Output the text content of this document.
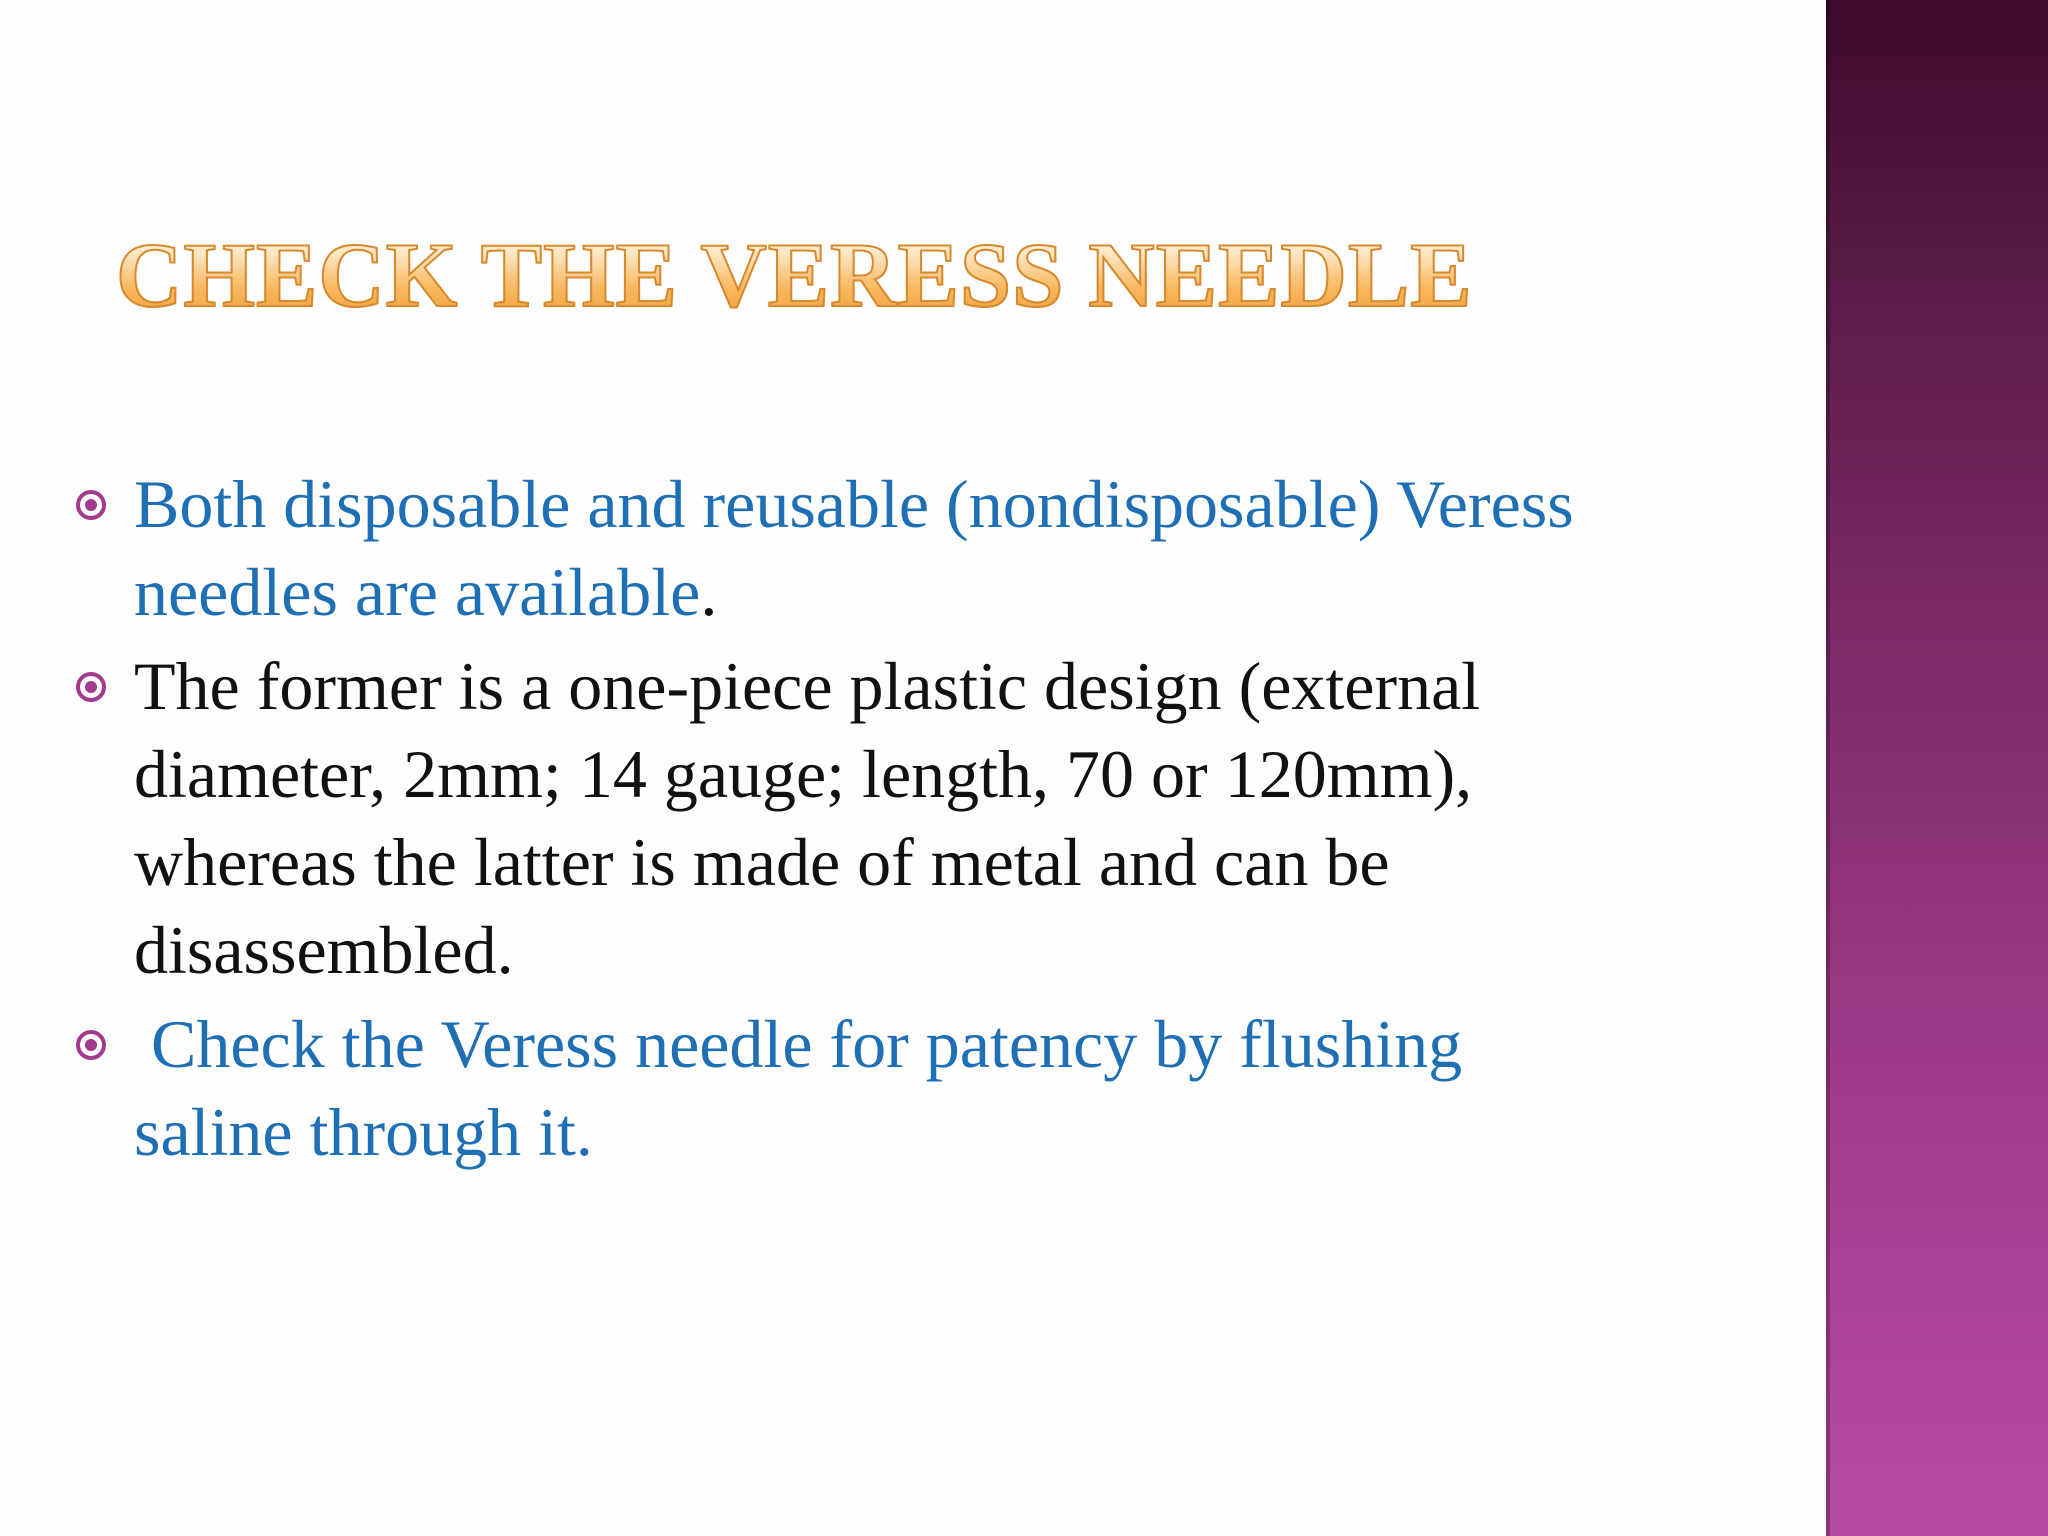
CHECK THE VERESS NEEDLE
Both disposable and reusable (nondisposable) Veress needles are available.
The former is a one-piece plastic design (external diameter, 2mm; 14 gauge; length, 70 or 120mm), whereas the latter is made of metal and can be disassembled.
Check the Veress needle for patency by flushing saline through it.
